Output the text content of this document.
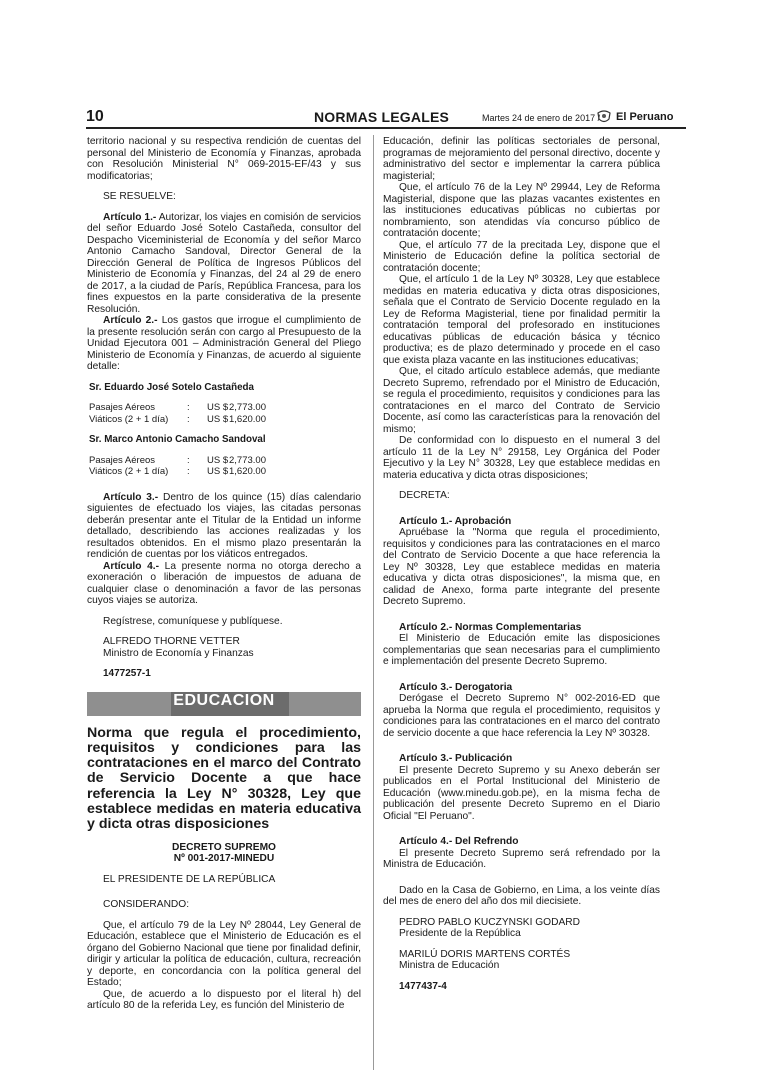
10	NORMAS LEGALES	Martes 24 de enero de 2017 / El Peruano

territorio nacional y su respectiva rendición de cuentas del personal del Ministerio de Economía y Finanzas, aprobada con Resolución Ministerial N° 069-2015-EF/43 y sus modificatorias;

SE RESUELVE:

Artículo 1.- Autorizar, los viajes en comisión de servicios del señor Eduardo José Sotelo Castañeda, consultor del Despacho Viceministerial de Economía y del señor Marco Antonio Camacho Sandoval, Director General de la Dirección General de Política de Ingresos Públicos del Ministerio de Economía y Finanzas, del 24 al 29 de enero de 2017, a la ciudad de París, República Francesa, para los fines expuestos en la parte considerativa de la presente Resolución.

Artículo 2.- Los gastos que irrogue el cumplimiento de la presente resolución serán con cargo al Presupuesto de la Unidad Ejecutora 001 – Administración General del Pliego Ministerio de Economía y Finanzas, de acuerdo al siguiente detalle:

Sr. Eduardo José Sotelo Castañeda

Pasajes Aéreos	:	US $ 2,773.00
Viáticos (2 + 1 día)	:	US $ 1,620.00

Sr. Marco Antonio Camacho Sandoval

Pasajes Aéreos	:	US $ 2,773.00
Viáticos (2 + 1 día)	:	US $ 1,620.00

Artículo 3.- Dentro de los quince (15) días calendario siguientes de efectuado los viajes, las citadas personas deberán presentar ante el Titular de la Entidad un informe detallado, describiendo las acciones realizadas y los resultados obtenidos. En el mismo plazo presentarán la rendición de cuentas por los viáticos entregados.

Artículo 4.- La presente norma no otorga derecho a exoneración o liberación de impuestos de aduana de cualquier clase o denominación a favor de las personas cuyos viajes se autoriza.

Regístrese, comuníquese y publíquese.

ALFREDO THORNE VETTER

Ministro de Economía y Finanzas

1477257-1

EDUCACION

Norma que regula el procedimiento, requisitos y condiciones para las contrataciones en el marco del Contrato de Servicio Docente a que hace referencia la Ley N° 30328, Ley que establece medidas en materia educativa y dicta otras disposiciones

DECRETO SUPREMO

Nº 001-2017-MINEDU

EL PRESIDENTE DE LA REPÚBLICA

CONSIDERANDO:

Que, el artículo 79 de la Ley Nº 28044, Ley General de Educación, establece que el Ministerio de Educación es el órgano del Gobierno Nacional que tiene por finalidad definir, dirigir y articular la política de educación, cultura, recreación y deporte, en concordancia con la política general del Estado;

Que, de acuerdo a lo dispuesto por el literal h) del artículo 80 de la referida Ley, es función del Ministerio de

Educación, definir las políticas sectoriales de personal, programas de mejoramiento del personal directivo, docente y administrativo del sector e implementar la carrera pública magisterial;

Que, el artículo 76 de la Ley Nº 29944, Ley de Reforma Magisterial, dispone que las plazas vacantes existentes en las instituciones educativas públicas no cubiertas por nombramiento, son atendidas vía concurso público de contratación docente;

Que, el artículo 77 de la precitada Ley, dispone que el Ministerio de Educación define la política sectorial de contratación docente;

Que, el artículo 1 de la Ley Nº 30328, Ley que establece medidas en materia educativa y dicta otras disposiciones, señala que el Contrato de Servicio Docente regulado en la Ley de Reforma Magisterial, tiene por finalidad permitir la contratación temporal del profesorado en instituciones educativas públicas de educación básica y técnico productiva; es de plazo determinado y procede en el caso que exista plaza vacante en las instituciones educativas;

Que, el citado artículo establece además, que mediante Decreto Supremo, refrendado por el Ministro de Educación, se regula el procedimiento, requisitos y condiciones para las contrataciones en el marco del Contrato de Servicio Docente, así como las características para la renovación del mismo;

De conformidad con lo dispuesto en el numeral 3 del artículo 11 de la Ley N° 29158, Ley Orgánica del Poder Ejecutivo y la Ley N° 30328, Ley que establece medidas en materia educativa y dicta otras disposiciones;

DECRETA:

Artículo 1.- Aprobación

Apruébase la "Norma que regula el procedimiento, requisitos y condiciones para las contrataciones en el marco del Contrato de Servicio Docente a que hace referencia la Ley Nº 30328, Ley que establece medidas en materia educativa y dicta otras disposiciones", la misma que, en calidad de Anexo, forma parte integrante del presente Decreto Supremo.

Artículo 2.- Normas Complementarias

El Ministerio de Educación emite las disposiciones complementarias que sean necesarias para el cumplimiento e implementación del presente Decreto Supremo.

Artículo 3.- Derogatoria

Derógase el Decreto Supremo N° 002-2016-ED que aprueba la Norma que regula el procedimiento, requisitos y condiciones para las contrataciones en el marco del contrato de servicio docente a que hace referencia la Ley Nº 30328.

Artículo 3.- Publicación

El presente Decreto Supremo y su Anexo deberán ser publicados en el Portal Institucional del Ministerio de Educación (www.minedu.gob.pe), en la misma fecha de publicación del presente Decreto Supremo en el Diario Oficial "El Peruano".

Artículo 4.- Del Refrendo

El presente Decreto Supremo será refrendado por la Ministra de Educación.

Dado en la Casa de Gobierno, en Lima, a los veinte días del mes de enero del año dos mil diecisiete.

PEDRO PABLO KUCZYNSKI GODARD

Presidente de la República

MARILÚ DORIS MARTENS CORTÉS

Ministra de Educación

1477437-4
